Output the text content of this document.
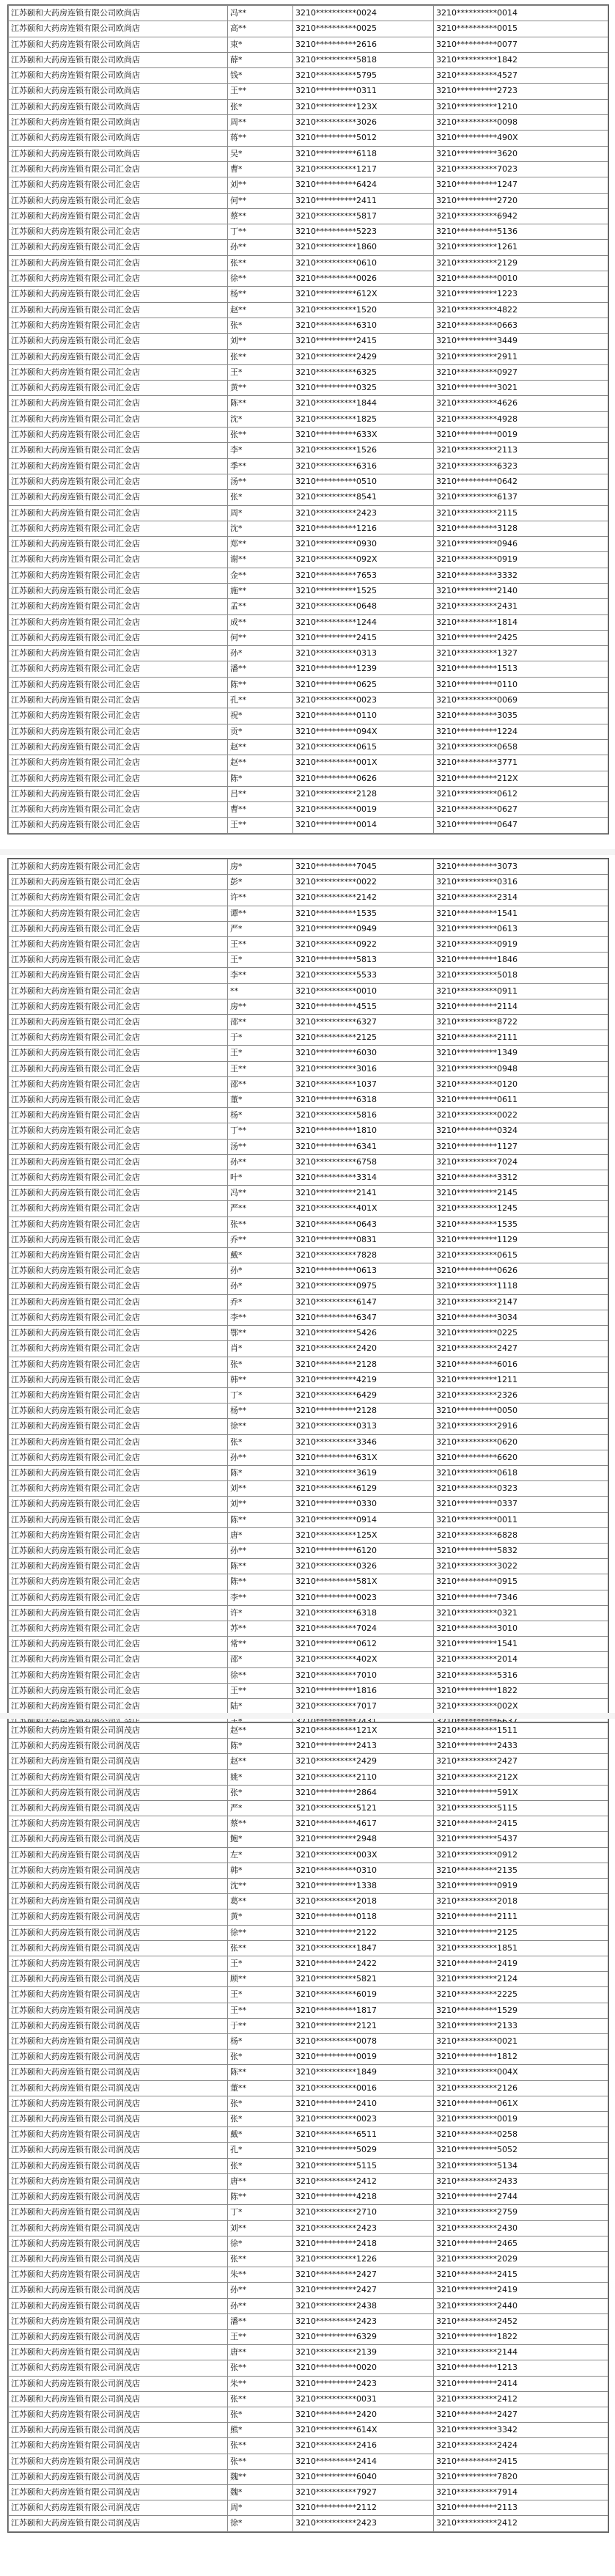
江苏颐和大药房连锁有限公司欧尚店	冯**	3210**********0024	3210**********0014
江苏颐和大药房连锁有限公司欧尚店	高**	3210**********0025	3210**********0015
江苏颐和大药房连锁有限公司欧尚店	束*	3210**********2616	3210**********0077
江苏颐和大药房连锁有限公司欧尚店	薛*	3210**********5818	3210**********1842
江苏颐和大药房连锁有限公司欧尚店	钱*	3210**********5795	3210**********4527
江苏颐和大药房连锁有限公司欧尚店	王**	3210**********0311	3210**********2723
江苏颐和大药房连锁有限公司欧尚店	张*	3210**********123X	3210**********1210
江苏颐和大药房连锁有限公司欧尚店	周**	3210**********3026	3210**********0098
江苏颐和大药房连锁有限公司欧尚店	蒋**	3210**********5012	3210**********490X
江苏颐和大药房连锁有限公司欧尚店	吴*	3210**********6118	3210**********3620
江苏颐和大药房连锁有限公司汇金店	曹*	3210**********1217	3210**********7023
江苏颐和大药房连锁有限公司汇金店	刘**	3210**********6424	3210**********1247
江苏颐和大药房连锁有限公司汇金店	何**	3210**********2411	3210**********2720
江苏颐和大药房连锁有限公司汇金店	蔡**	3210**********5817	3210**********6942
江苏颐和大药房连锁有限公司汇金店	丁**	3210**********5223	3210**********5136
江苏颐和大药房连锁有限公司汇金店	孙**	3210**********1860	3210**********1261
江苏颐和大药房连锁有限公司汇金店	张**	3210**********0610	3210**********2129
江苏颐和大药房连锁有限公司汇金店	徐**	3210**********0026	3210**********0010
江苏颐和大药房连锁有限公司汇金店	杨**	3210**********612X	3210**********1223
江苏颐和大药房连锁有限公司汇金店	赵**	3210**********1520	3210**********4822
江苏颐和大药房连锁有限公司汇金店	张*	3210**********6310	3210**********0663
江苏颐和大药房连锁有限公司汇金店	刘**	3210**********2415	3210**********3449
江苏颐和大药房连锁有限公司汇金店	张**	3210**********2429	3210**********2911
江苏颐和大药房连锁有限公司汇金店	王*	3210**********6325	3210**********0927
江苏颐和大药房连锁有限公司汇金店	黄**	3210**********0325	3210**********3021
江苏颐和大药房连锁有限公司汇金店	陈**	3210**********1844	3210**********4626
江苏颐和大药房连锁有限公司汇金店	沈*	3210**********1825	3210**********4928
江苏颐和大药房连锁有限公司汇金店	张**	3210**********633X	3210**********0019
江苏颐和大药房连锁有限公司汇金店	李*	3210**********1526	3210**********2113
江苏颐和大药房连锁有限公司汇金店	季**	3210**********6316	3210**********6323
江苏颐和大药房连锁有限公司汇金店	汤**	3210**********0510	3210**********0642
江苏颐和大药房连锁有限公司汇金店	张*	3210**********8541	3210**********6137
江苏颐和大药房连锁有限公司汇金店	周*	3210**********2423	3210**********2115
江苏颐和大药房连锁有限公司汇金店	沈*	3210**********1216	3210**********3128
江苏颐和大药房连锁有限公司汇金店	郑**	3210**********0930	3210**********0946
江苏颐和大药房连锁有限公司汇金店	谢**	3210**********092X	3210**********0919
江苏颐和大药房连锁有限公司汇金店	金**	3210**********7653	3210**********3332
江苏颐和大药房连锁有限公司汇金店	施**	3210**********1525	3210**********2140
江苏颐和大药房连锁有限公司汇金店	孟**	3210**********0648	3210**********2431
江苏颐和大药房连锁有限公司汇金店	成**	3210**********1244	3210**********1814
江苏颐和大药房连锁有限公司汇金店	何**	3210**********2415	3210**********2425
江苏颐和大药房连锁有限公司汇金店	孙*	3210**********0313	3210**********1327
江苏颐和大药房连锁有限公司汇金店	潘**	3210**********1239	3210**********1513
江苏颐和大药房连锁有限公司汇金店	陈**	3210**********0625	3210**********0110
江苏颐和大药房连锁有限公司汇金店	孔**	3210**********0023	3210**********0069
江苏颐和大药房连锁有限公司汇金店	祝*	3210**********0110	3210**********3035
江苏颐和大药房连锁有限公司汇金店	贡*	3210**********094X	3210**********1224
江苏颐和大药房连锁有限公司汇金店	赵**	3210**********0615	3210**********0658
江苏颐和大药房连锁有限公司汇金店	赵**	3210**********001X	3210**********3771
江苏颐和大药房连锁有限公司汇金店	陈*	3210**********0626	3210**********212X
江苏颐和大药房连锁有限公司汇金店	吕**	3210**********2128	3210**********0612
江苏颐和大药房连锁有限公司汇金店	曹**	3210**********0019	3210**********0627
江苏颐和大药房连锁有限公司汇金店	王**	3210**********0014	3210**********0647
江苏颐和大药房连锁有限公司汇金店	房*	3210**********7045	3210**********3073
江苏颐和大药房连锁有限公司汇金店	彭*	3210**********0022	3210**********0316
江苏颐和大药房连锁有限公司汇金店	许**	3210**********2142	3210**********2314
江苏颐和大药房连锁有限公司汇金店	谭**	3210**********1535	3210**********1541
江苏颐和大药房连锁有限公司汇金店	严*	3210**********0949	3210**********0613
江苏颐和大药房连锁有限公司汇金店	王**	3210**********0922	3210**********0919
江苏颐和大药房连锁有限公司汇金店	王*	3210**********5813	3210**********1846
江苏颐和大药房连锁有限公司汇金店	李**	3210**********5533	3210**********5018
江苏颐和大药房连锁有限公司汇金店	**	3210**********0010	3210**********0911
江苏颐和大药房连锁有限公司汇金店	房**	3210**********4515	3210**********2114
江苏颐和大药房连锁有限公司汇金店	邵**	3210**********6327	3210**********8722
江苏颐和大药房连锁有限公司汇金店	于*	3210**********2125	3210**********2111
江苏颐和大药房连锁有限公司汇金店	王*	3210**********6030	3210**********1349
江苏颐和大药房连锁有限公司汇金店	王**	3210**********3016	3210**********0948
江苏颐和大药房连锁有限公司汇金店	邵**	3210**********1037	3210**********0120
江苏颐和大药房连锁有限公司汇金店	董*	3210**********6318	3210**********0611
江苏颐和大药房连锁有限公司汇金店	杨*	3210**********5816	3210**********0022
江苏颐和大药房连锁有限公司汇金店	丁**	3210**********1810	3210**********0324
江苏颐和大药房连锁有限公司汇金店	汤**	3210**********6341	3210**********1127
江苏颐和大药房连锁有限公司汇金店	孙**	3210**********6758	3210**********7024
江苏颐和大药房连锁有限公司汇金店	叶*	3210**********3314	3210**********3312
江苏颐和大药房连锁有限公司汇金店	冯**	3210**********2141	3210**********2145
江苏颐和大药房连锁有限公司汇金店	严**	3210**********401X	3210**********1245
江苏颐和大药房连锁有限公司汇金店	张**	3210**********0643	3210**********1535
江苏颐和大药房连锁有限公司汇金店	乔**	3210**********0831	3210**********1129
江苏颐和大药房连锁有限公司汇金店	戴*	3210**********7828	3210**********0615
江苏颐和大药房连锁有限公司汇金店	孙*	3210**********0613	3210**********0626
江苏颐和大药房连锁有限公司汇金店	孙*	3210**********0975	3210**********1118
江苏颐和大药房连锁有限公司汇金店	乔*	3210**********6147	3210**********2147
江苏颐和大药房连锁有限公司汇金店	李**	3210**********6347	3210**********3034
江苏颐和大药房连锁有限公司汇金店	鄂**	3210**********5426	3210**********0225
江苏颐和大药房连锁有限公司汇金店	肖*	3210**********2420	3210**********2427
江苏颐和大药房连锁有限公司汇金店	张*	3210**********2128	3210**********6016
江苏颐和大药房连锁有限公司汇金店	韩**	3210**********4219	3210**********1211
江苏颐和大药房连锁有限公司汇金店	丁*	3210**********6429	3210**********2326
江苏颐和大药房连锁有限公司汇金店	杨**	3210**********2128	3210**********0050
江苏颐和大药房连锁有限公司汇金店	徐**	3210**********0313	3210**********2916
江苏颐和大药房连锁有限公司汇金店	张*	3210**********3346	3210**********0620
江苏颐和大药房连锁有限公司汇金店	孙**	3210**********631X	3210**********6620
江苏颐和大药房连锁有限公司汇金店	陈*	3210**********3619	3210**********0618
江苏颐和大药房连锁有限公司汇金店	刘**	3210**********6129	3210**********0323
江苏颐和大药房连锁有限公司汇金店	刘**	3210**********0330	3210**********0337
江苏颐和大药房连锁有限公司汇金店	陈**	3210**********0914	3210**********0011
江苏颐和大药房连锁有限公司汇金店	唐*	3210**********125X	3210**********6828
江苏颐和大药房连锁有限公司汇金店	孙**	3210**********6120	3210**********5832
江苏颐和大药房连锁有限公司汇金店	陈**	3210**********0326	3210**********3022
江苏颐和大药房连锁有限公司汇金店	陈**	3210**********581X	3210**********0915
江苏颐和大药房连锁有限公司汇金店	李**	3210**********0023	3210**********7346
江苏颐和大药房连锁有限公司汇金店	许*	3210**********6318	3210**********0321
江苏颐和大药房连锁有限公司汇金店	苏**	3210**********7024	3210**********3010
江苏颐和大药房连锁有限公司汇金店	常**	3210**********0612	3210**********1541
江苏颐和大药房连锁有限公司汇金店	邵*	3210**********402X	3210**********2014
江苏颐和大药房连锁有限公司汇金店	徐**	3210**********7010	3210**********5316
江苏颐和大药房连锁有限公司汇金店	王**	3210**********1816	3210**********1822
江苏颐和大药房连锁有限公司汇金店	陆*	3210**********7017	3210**********002X

江苏颐和大药房连锁有限公司润茂店	赵**	3210**********121X	3210**********1511
江苏颐和大药房连锁有限公司润茂店	陈*	3210**********2413	3210**********2433
江苏颐和大药房连锁有限公司润茂店	赵**	3210**********2429	3210**********2427
江苏颐和大药房连锁有限公司润茂店	姚*	3210**********2110	3210**********212X
江苏颐和大药房连锁有限公司润茂店	张*	3210**********2864	3210**********591X
江苏颐和大药房连锁有限公司润茂店	严*	3210**********5121	3210**********5115
江苏颐和大药房连锁有限公司润茂店	蔡**	3210**********4617	3210**********2415
江苏颐和大药房连锁有限公司润茂店	鲍*	3210**********2948	3210**********5437
江苏颐和大药房连锁有限公司润茂店	左*	3210**********003X	3210**********0912
江苏颐和大药房连锁有限公司润茂店	韩*	3210**********0310	3210**********2135
江苏颐和大药房连锁有限公司润茂店	沈**	3210**********1338	3210**********0919
江苏颐和大药房连锁有限公司润茂店	葛**	3210**********2018	3210**********2018
江苏颐和大药房连锁有限公司润茂店	黄*	3210**********0118	3210**********2111
江苏颐和大药房连锁有限公司润茂店	徐**	3210**********2122	3210**********2125
江苏颐和大药房连锁有限公司润茂店	张**	3210**********1847	3210**********1851
江苏颐和大药房连锁有限公司润茂店	王*	3210**********2422	3210**********2419
江苏颐和大药房连锁有限公司润茂店	顾**	3210**********5821	3210**********2124
江苏颐和大药房连锁有限公司润茂店	王*	3210**********6019	3210**********2225
江苏颐和大药房连锁有限公司润茂店	王**	3210**********1817	3210**********1529
江苏颐和大药房连锁有限公司润茂店	于**	3210**********2121	3210**********2133
江苏颐和大药房连锁有限公司润茂店	杨*	3210**********0078	3210**********0021
江苏颐和大药房连锁有限公司润茂店	张*	3210**********0019	3210**********1812
江苏颐和大药房连锁有限公司润茂店	陈**	3210**********1849	3210**********004X
江苏颐和大药房连锁有限公司润茂店	董**	3210**********0016	3210**********2126
江苏颐和大药房连锁有限公司润茂店	张*	3210**********2410	3210**********061X
江苏颐和大药房连锁有限公司润茂店	张*	3210**********0023	3210**********0019
江苏颐和大药房连锁有限公司润茂店	戴*	3210**********6511	3210**********0258
江苏颐和大药房连锁有限公司润茂店	孔*	3210**********5029	3210**********5052
江苏颐和大药房连锁有限公司润茂店	张*	3210**********5115	3210**********5134
江苏颐和大药房连锁有限公司润茂店	唐**	3210**********2412	3210**********2433
江苏颐和大药房连锁有限公司润茂店	陈**	3210**********4218	3210**********2744
江苏颐和大药房连锁有限公司润茂店	丁*	3210**********2710	3210**********2759
江苏颐和大药房连锁有限公司润茂店	刘**	3210**********2423	3210**********2430
江苏颐和大药房连锁有限公司润茂店	徐*	3210**********2418	3210**********2465
江苏颐和大药房连锁有限公司润茂店	张**	3210**********1226	3210**********2029
江苏颐和大药房连锁有限公司润茂店	朱**	3210**********2427	3210**********2415
江苏颐和大药房连锁有限公司润茂店	孙**	3210**********2427	3210**********2419
江苏颐和大药房连锁有限公司润茂店	孙**	3210**********2438	3210**********2440
江苏颐和大药房连锁有限公司润茂店	潘**	3210**********2423	3210**********2452
江苏颐和大药房连锁有限公司润茂店	王**	3210**********6329	3210**********1822
江苏颐和大药房连锁有限公司润茂店	唐**	3210**********2139	3210**********2144
江苏颐和大药房连锁有限公司润茂店	张**	3210**********0020	3210**********1213
江苏颐和大药房连锁有限公司润茂店	朱**	3210**********2423	3210**********2414
江苏颐和大药房连锁有限公司润茂店	张**	3210**********0031	3210**********2412
江苏颐和大药房连锁有限公司润茂店	张*	3210**********2420	3210**********2427
江苏颐和大药房连锁有限公司润茂店	熊*	3210**********614X	3210**********3342
江苏颐和大药房连锁有限公司润茂店	张**	3210**********2416	3210**********2424
江苏颐和大药房连锁有限公司润茂店	张**	3210**********2414	3210**********2415
江苏颐和大药房连锁有限公司润茂店	魏**	3210**********6040	3210**********7820
江苏颐和大药房连锁有限公司润茂店	魏*	3210**********7927	3210**********7914
江苏颐和大药房连锁有限公司润茂店	周*	3210**********2112	3210**********2113
江苏颐和大药房连锁有限公司润茂店	徐*	3210**********2423	3210**********2412
